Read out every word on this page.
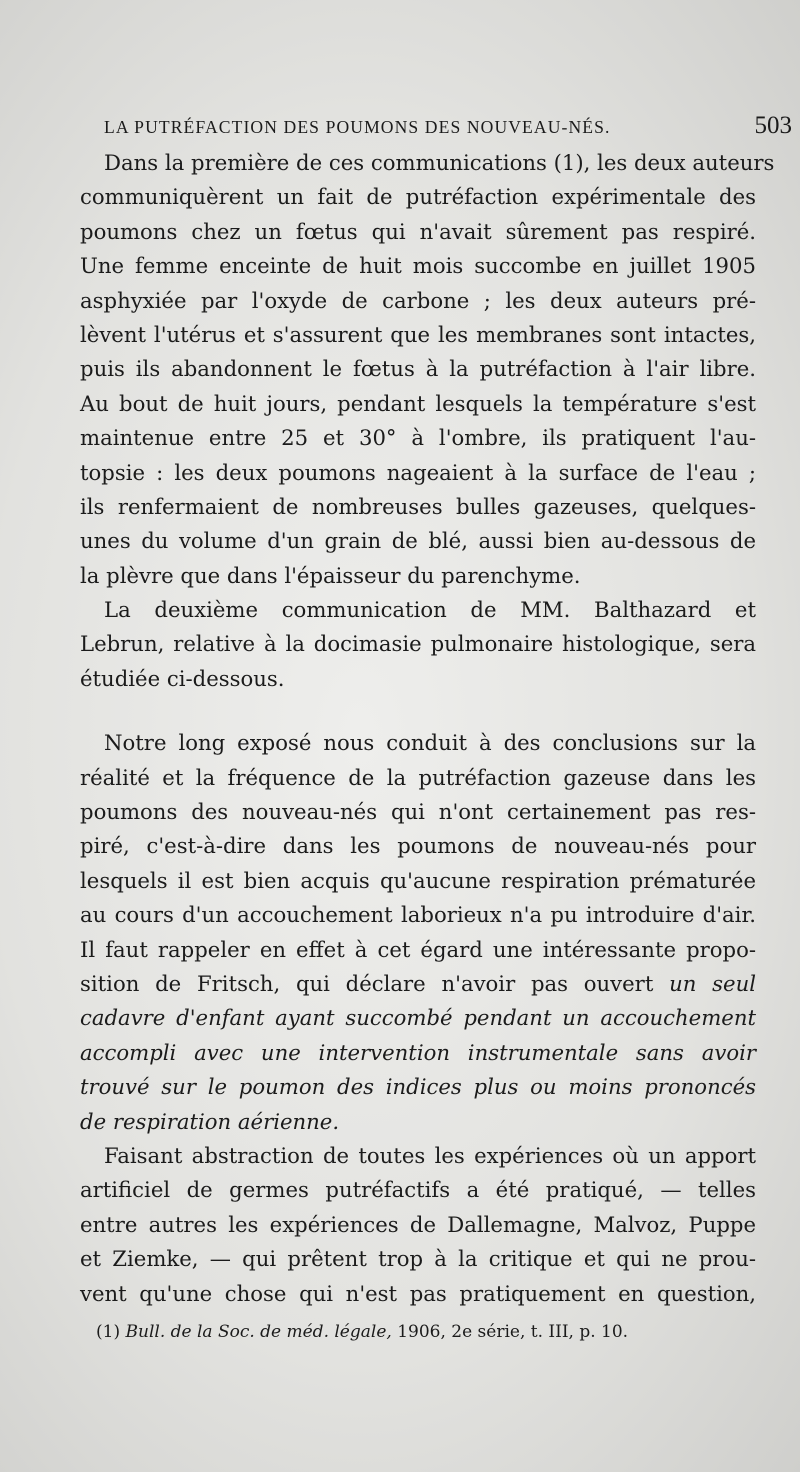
LA PUTRÉFACTION DES POUMONS DES NOUVEAU-NÉS.	503
Dans la première de ces communications (1), les deux auteurs
communiquèrent un fait de putréfaction expérimentale des
poumons chez un fœtus qui n'avait sûrement pas respiré.
Une femme enceinte de huit mois succombe en juillet 1905
asphyxiée par l'oxyde de carbone ; les deux auteurs pré-
lèvent l'utérus et s'assurent que les membranes sont intactes,
puis ils abandonnent le fœtus à la putréfaction à l'air libre.
Au bout de huit jours, pendant lesquels la température s'est
maintenue entre 25 et 30° à l'ombre, ils pratiquent l'au-
topsie : les deux poumons nageaient à la surface de l'eau ;
ils renfermaient de nombreuses bulles gazeuses, quelques-
unes du volume d'un grain de blé, aussi bien au-dessous de
la plèvre que dans l'épaisseur du parenchyme.
La deuxième communication de MM. Balthazard et
Lebrun, relative à la docimasie pulmonaire histologique, sera
étudiée ci-dessous.
Notre long exposé nous conduit à des conclusions sur la
réalité et la fréquence de la putréfaction gazeuse dans les
poumons des nouveau-nés qui n'ont certainement pas res-
piré, c'est-à-dire dans les poumons de nouveau-nés pour
lesquels il est bien acquis qu'aucune respiration prématurée
au cours d'un accouchement laborieux n'a pu introduire d'air.
Il faut rappeler en effet à cet égard une intéressante propo-
sition de Fritsch, qui déclare n'avoir pas ouvert un seul
cadavre d'enfant ayant succombé pendant un accouchement
accompli avec une intervention instrumentale sans avoir
trouvé sur le poumon des indices plus ou moins prononcés
de respiration aérienne.
Faisant abstraction de toutes les expériences où un apport
artificiel de germes putréfactifs a été pratiqué, — telles
entre autres les expériences de Dallemagne, Malvoz, Puppe
et Ziemke, — qui prêtent trop à la critique et qui ne prou-
vent qu'une chose qui n'est pas pratiquement en question,
(1) Bull. de la Soc. de méd. légale, 1906, 2e série, t. III, p. 10.
